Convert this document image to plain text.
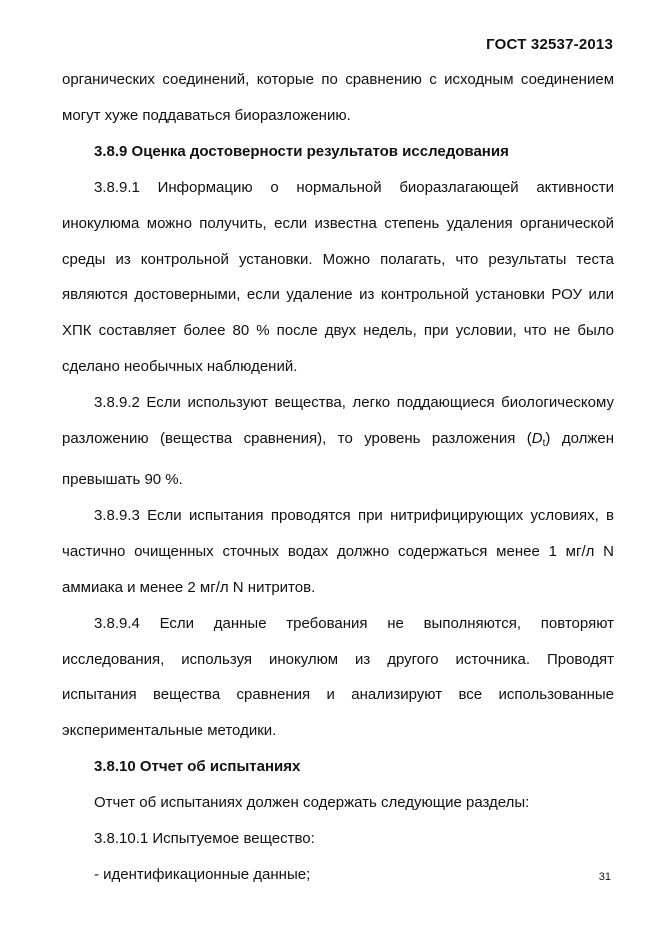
ГОСТ 32537-2013

органических соединений, которые по сравнению с исходным соединением могут хуже поддаваться биоразложению.

3.8.9 Оценка достоверности результатов исследования

3.8.9.1 Информацию о нормальной биоразлагающей активности инокулюма можно получить, если известна степень удаления органической среды из контрольной установки. Можно полагать, что результаты теста являются достоверными, если удаление из контрольной установки РОУ или ХПК составляет более 80 % после двух недель, при условии, что не было сделано необычных наблюдений.

3.8.9.2 Если используют вещества, легко поддающиеся биологическому разложению (вещества сравнения), то уровень разложения $(D_t)$ должен превышать 90 %.

3.8.9.3 Если испытания проводятся при нитрифицирующих условиях, в частично очищенных сточных водах должно содержаться менее 1 мг/л N аммиака и менее 2 мг/л N нитритов.

3.8.9.4 Если данные требования не выполняются, повторяют исследования, используя инокулюм из другого источника. Проводят испытания вещества сравнения и анализируют все использованные экспериментальные методики.

3.8.10 Отчет об испытаниях

Отчет об испытаниях должен содержать следующие разделы:

3.8.10.1 Испытуемое вещество:

- идентификационные данные;	31
